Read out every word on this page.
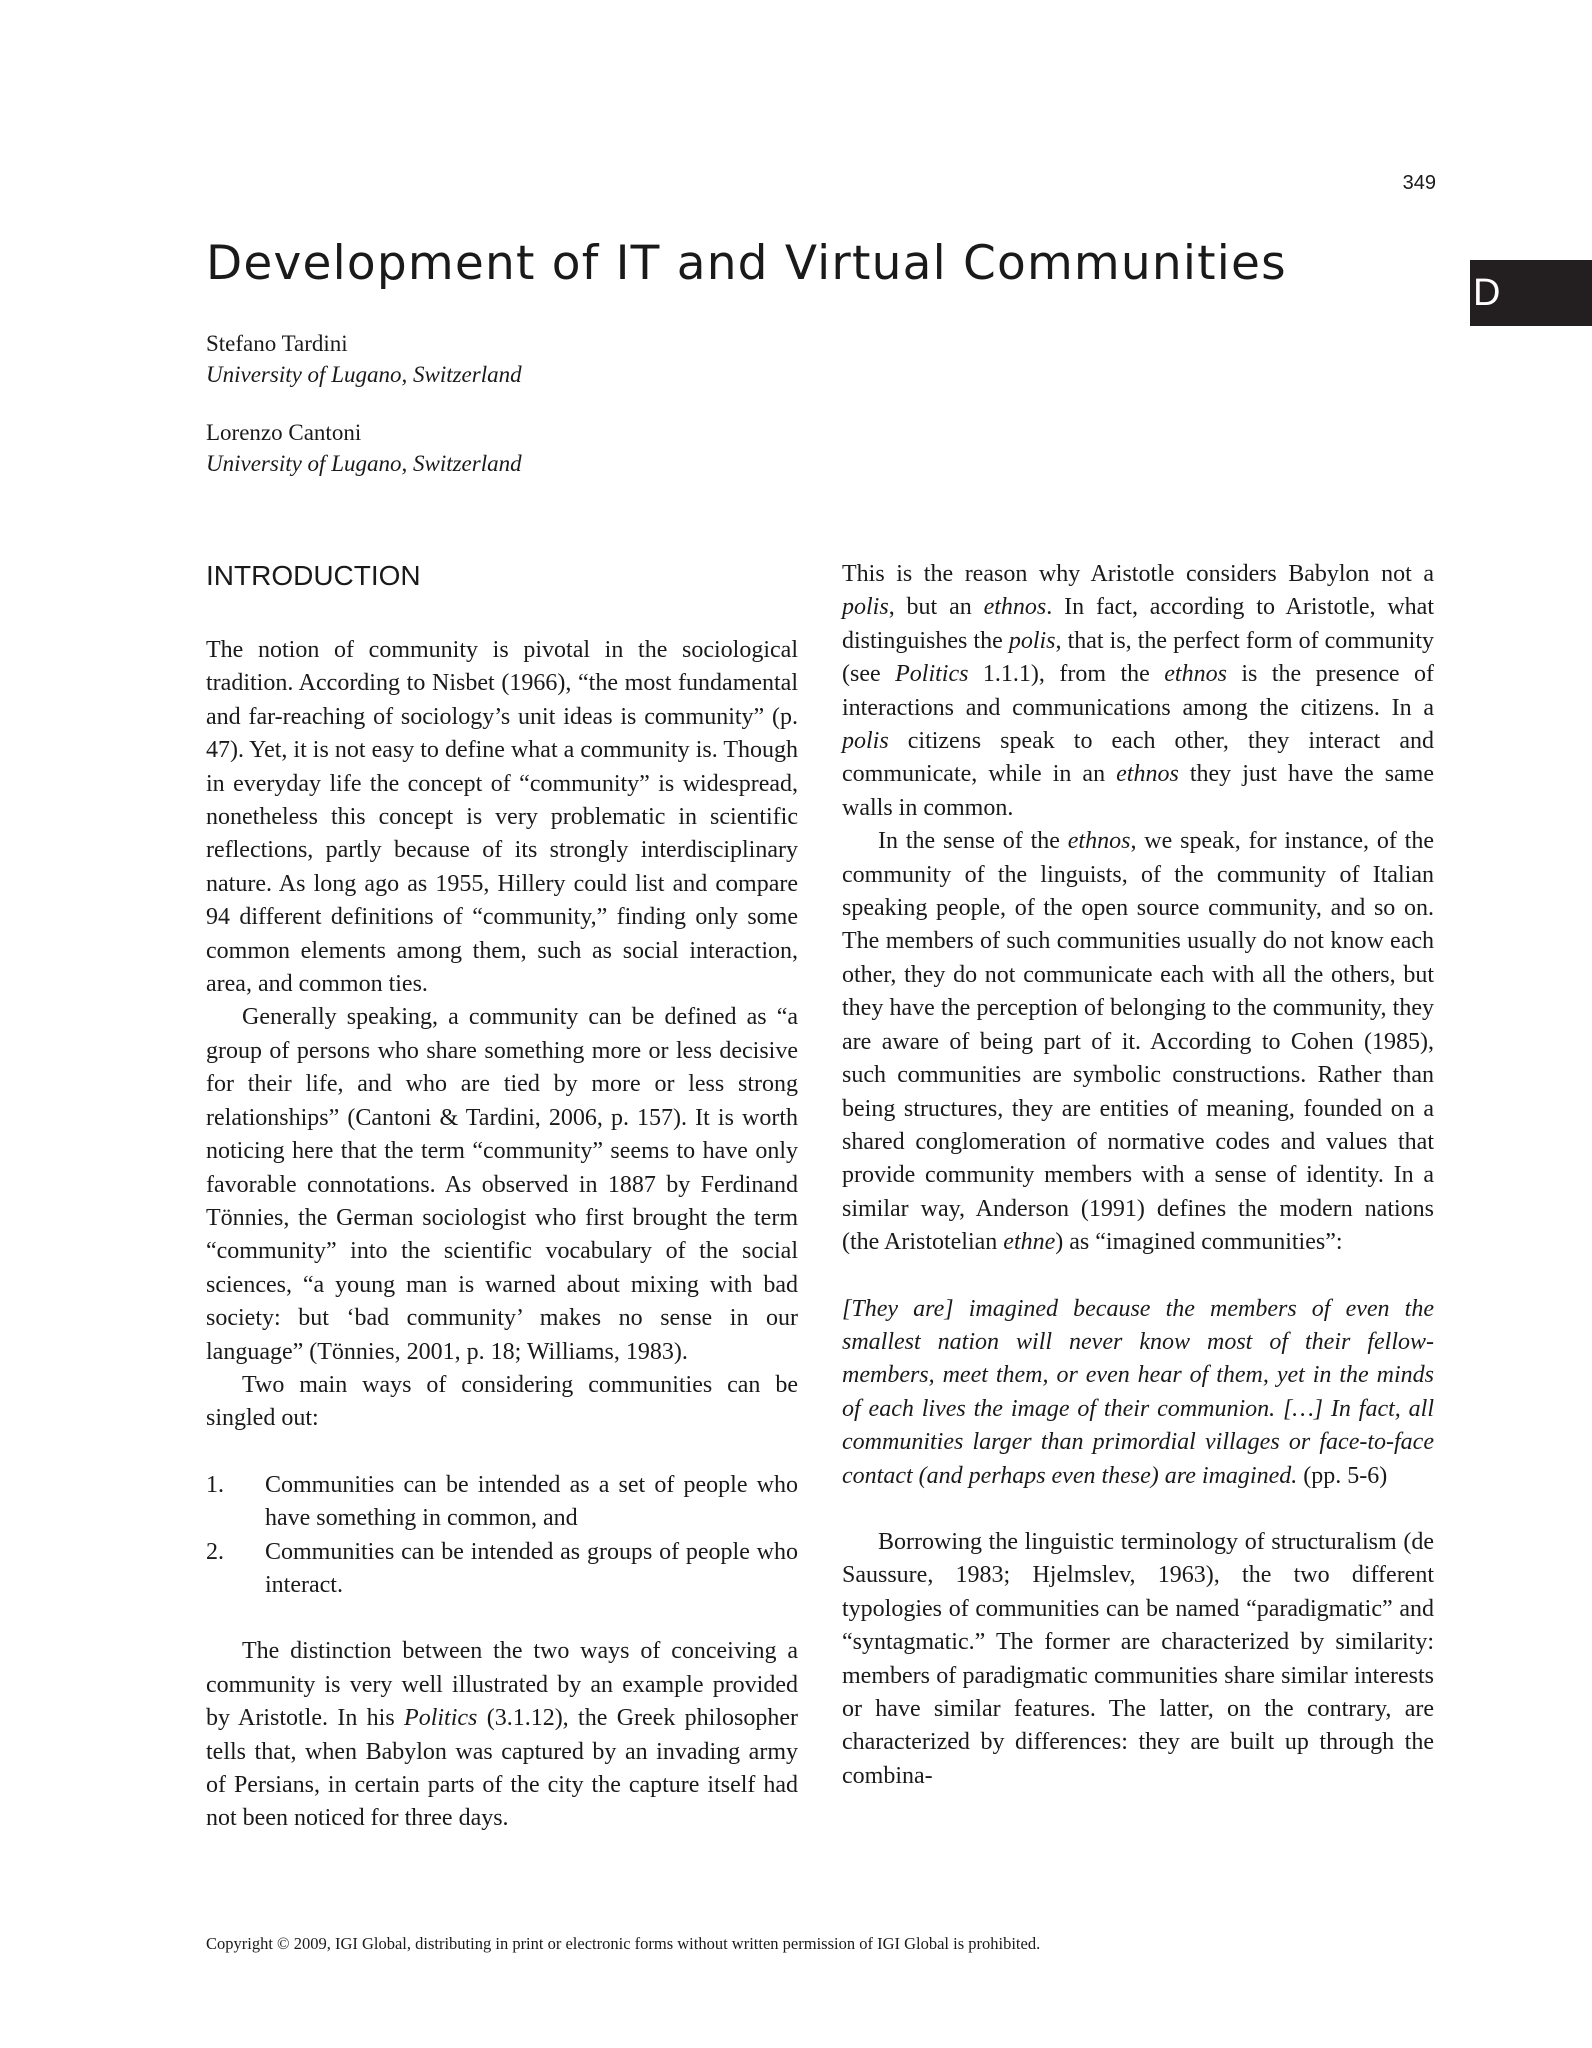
349
D
Development of IT and Virtual Communities
Stefano Tardini
University of Lugano, Switzerland
Lorenzo Cantoni
University of Lugano, Switzerland
INTRODUCTION

The notion of community is pivotal in the sociological tradition. According to Nisbet (1966), “the most fundamental and far-reaching of sociology’s unit ideas is community” (p. 47). Yet, it is not easy to define what a community is. Though in everyday life the concept of “community” is widespread, nonetheless this concept is very problematic in scientific reflections, partly because of its strongly interdisciplinary nature. As long ago as 1955, Hillery could list and compare 94 different definitions of “community,” finding only some common elements among them, such as social interaction, area, and common ties.

Generally speaking, a community can be defined as “a group of persons who share something more or less decisive for their life, and who are tied by more or less strong relationships” (Cantoni & Tardini, 2006, p. 157). It is worth noticing here that the term “community” seems to have only favorable connotations. As observed in 1887 by Ferdinand Tönnies, the German sociologist who first brought the term “community” into the scientific vocabulary of the social sciences, “a young man is warned about mixing with bad society: but ‘bad community’ makes no sense in our language” (Tönnies, 2001, p. 18; Williams, 1983).

Two main ways of considering communities can be singled out:

1. Communities can be intended as a set of people who have something in common, and
2. Communities can be intended as groups of people who interact.

The distinction between the two ways of conceiving a community is very well illustrated by an example provided by Aristotle. In his Politics (3.1.12), the Greek philosopher tells that, when Babylon was captured by an invading army of Persians, in certain parts of the city the capture itself had not been noticed for three days.

This is the reason why Aristotle considers Babylon not a polis, but an ethnos. In fact, according to Aristotle, what distinguishes the polis, that is, the perfect form of community (see Politics 1.1.1), from the ethnos is the presence of interactions and communications among the citizens. In a polis citizens speak to each other, they interact and communicate, while in an ethnos they just have the same walls in common.

In the sense of the ethnos, we speak, for instance, of the community of the linguists, of the community of Italian speaking people, of the open source community, and so on. The members of such communities usually do not know each other, they do not communicate each with all the others, but they have the perception of belonging to the community, they are aware of being part of it. According to Cohen (1985), such communities are symbolic constructions. Rather than being structures, they are entities of meaning, founded on a shared conglomeration of normative codes and values that provide community members with a sense of identity. In a similar way, Anderson (1991) defines the modern nations (the Aristotelian ethne) as “imagined communities”:

[They are] imagined because the members of even the smallest nation will never know most of their fellow-members, meet them, or even hear of them, yet in the minds of each lives the image of their communion. […] In fact, all communities larger than primordial villages or face-to-face contact (and perhaps even these) are imagined. (pp. 5-6)

Borrowing the linguistic terminology of structuralism (de Saussure, 1983; Hjelmslev, 1963), the two different typologies of communities can be named “paradigmatic” and “syntagmatic.” The former are characterized by similarity: members of paradigmatic communities share similar interests or have similar features. The latter, on the contrary, are characterized by differences: they are built up through the combina-

Copyright © 2009, IGI Global, distributing in print or electronic forms without written permission of IGI Global is prohibited.
